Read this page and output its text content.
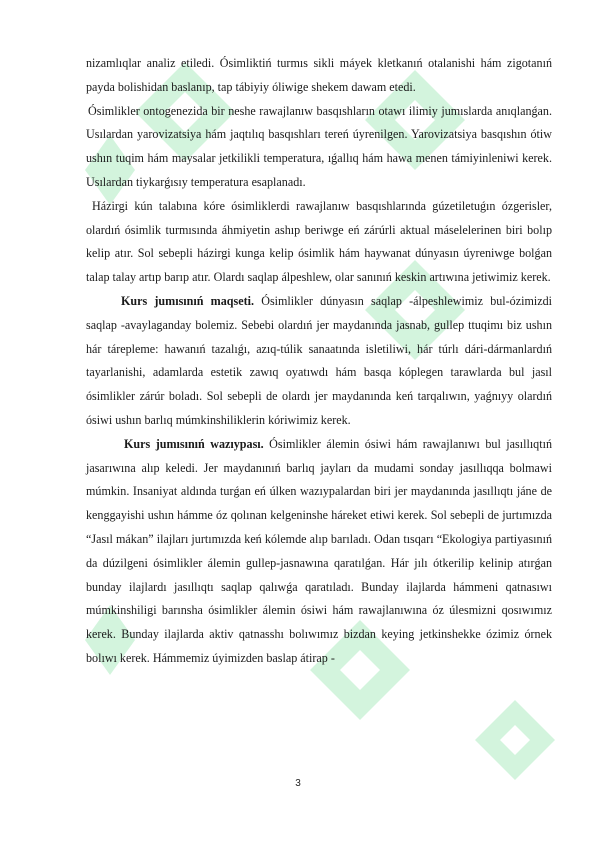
nizamlıqlar analiz etiledi. Ósimliktiń turmıs sikli máyek kletkanıń otalanishi hám zigotanıń payda bolishidan baslanıp, tap tábiyiy óliwige shekem dawam etedi.

Ósimlikler ontogenezida bir neshe rawajlanıw basqıshların otawı ilimiy jumıslarda anıqlanǵan. Usılardan yarovizatsiya hám jaqtılıq basqıshları tereń úyrenilgen. Yarovizatsiya basqıshın ótiw ushın tuqim hám maysalar jetkilikli temperatura, ıǵallıq hám hawa menen támiyinleniwi kerek. Usılardan tiykarǵısıy temperatura esaplanadı.

Házirgi kún talabına kóre ósimliklerdi rawajlanıw basqıshlarında gúzetiletuǵın ózgerisler, olardıń ósimlik turmısında áhmiyetin ashıp beriwge eń zárúrli aktual máselelerinen biri bolıp kelip atır. Sol sebepli házirgi kunga kelip ósimlik hám haywanat dúnyasın úyreniwge bolǵan talap talay artıp barıp atır. Olardı saqlap álpeshlew, olar sanınıń keskin artıwına jetiwimiz kerek.

Kurs jumısınıń maqseti. Ósimlikler dúnyasın saqlap -álpeshlewimiz bul-ózimizdi saqlap -avaylaganday bolemiz. Sebebi olardıń jer maydanında jasnab, gullep ttuqimı biz ushın hár tárepleme: hawanıń tazalıǵı, azıq-túlik sanaatında isletiliwi, hár túrlı dári-dármanlardıń tayarlanishi, adamlarda estetik zawıq oyatıwdı hám basqa kóplegen tarawlarda bul jasıl ósimlikler zárúr boladı. Sol sebepli de olardı jer maydanında keń tarqalıwın, yaǵnıyy olardıń ósiwi ushın barlıq múmkinshiliklerin kóriwimiz kerek.

Kurs jumısınıń wazıypası. Ósimlikler álemin ósiwi hám rawajlanıwı bul jasıllıqtıń jasarıwına alıp keledi. Jer maydanınıń barlıq jayları da mudami sonday jasıllıqqa bolmawi múmkin. Insaniyat aldında turǵan eń úlken wazıypalardan biri jer maydanında jasıllıqtı jáne de kenggayishi ushın hámme óz qolınan kelgeninshe háreket etiwi kerek. Sol sebepli de jurtımızda “Jasıl mákan” ilajları jurtımızda keń kólemde alıp barıladı. Odan tısqarı “Ekologiya partiyasınıń da dúzilgeni ósimlikler álemin gullep-jasnawına qaratılǵan. Hár jılı ótkerilip kelinip atırǵan bunday ilajlardı jasıllıqtı saqlap qalıwǵa qaratıladı. Bunday ilajlarda hámmeni qatnasıwı múmkinshiligi barınsha ósimlikler álemin ósiwi hám rawajlanıwına óz úlesmizni qosıwımız kerek. Bunday ilajlarda aktiv qatnasshı bolıwımız bizdan keying jetkinshekke ózimiz órnek bolıwı kerek. Hámmemiz úyimizden baslap átirap -

3
